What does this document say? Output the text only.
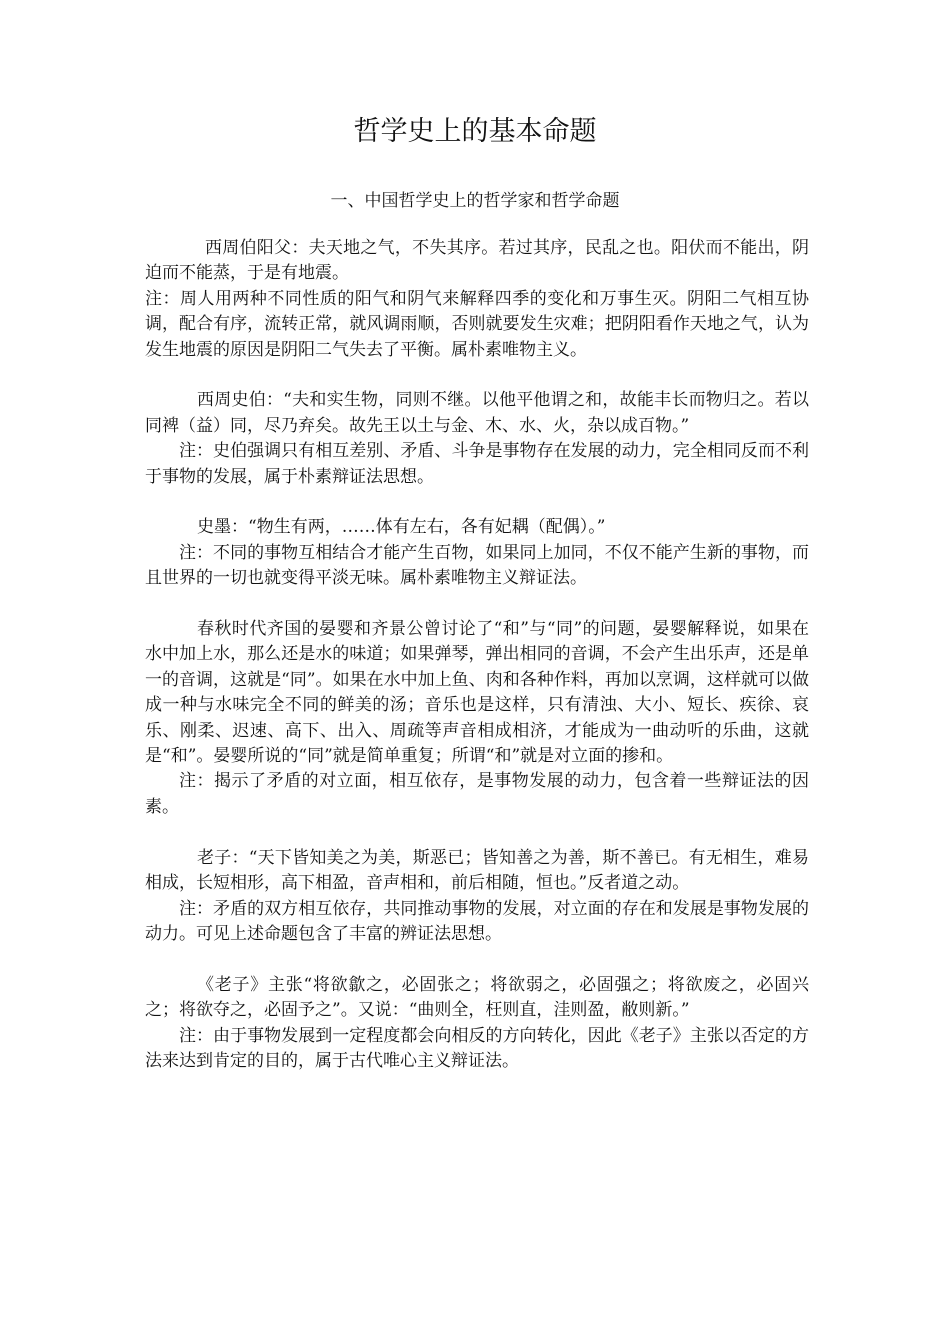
哲学史上的基本命题
一、中国哲学史上的哲学家和哲学命题

西周伯阳父：夫天地之气，不失其序。若过其序，民乱之也。阳伏而不能出，阴迫而不能蒸，于是有地震。

注：周人用两种不同性质的阳气和阴气来解释四季的变化和万事生灭。阴阳二气相互协调，配合有序，流转正常，就风调雨顺，否则就要发生灾难；把阴阳看作天地之气，认为发生地震的原因是阴阳二气失去了平衡。属朴素唯物主义。

西周史伯：“夫和实生物，同则不继。以他平他谓之和，故能丰长而物归之。若以同裨（益）同，尽乃弃矣。故先王以土与金、木、水、火，杂以成百物。”

注：史伯强调只有相互差别、矛盾、斗争是事物存在发展的动力，完全相同反而不利于事物的发展，属于朴素辩证法思想。

史墨：“物生有两，……体有左右，各有妃耦（配偶）。”

注：不同的事物互相结合才能产生百物，如果同上加同，不仅不能产生新的事物，而且世界的一切也就变得平淡无味。属朴素唯物主义辩证法。

春秋时代齐国的晏婴和齐景公曾讨论了“和”与“同”的问题，晏婴解释说，如果在水中加上水，那么还是水的味道；如果弹琴，弹出相同的音调，不会产生出乐声，还是单一的音调，这就是“同”。如果在水中加上鱼、肉和各种作料，再加以烹调，这样就可以做成一种与水味完全不同的鲜美的汤；音乐也是这样，只有清浊、大小、短长、疾徐、哀乐、刚柔、迟速、高下、出入、周疏等声音相成相济，才能成为一曲动听的乐曲，这就是“和”。晏婴所说的“同”就是简单重复；所谓“和”就是对立面的掺和。

注：揭示了矛盾的对立面，相互依存，是事物发展的动力，包含着一些辩证法的因素。

老子：“天下皆知美之为美，斯恶已；皆知善之为善，斯不善已。有无相生，难易相成，长短相形，高下相盈，音声相和，前后相随，恒也。”反者道之动。

注：矛盾的双方相互依存，共同推动事物的发展，对立面的存在和发展是事物发展的动力。可见上述命题包含了丰富的辨证法思想。

《老子》主张“将欲歙之，必固张之；将欲弱之，必固强之；将欲废之，必固兴之；将欲夺之，必固予之”。又说：“曲则全，枉则直，洼则盈，敝则新。”

注：由于事物发展到一定程度都会向相反的方向转化，因此《老子》主张以否定的方法来达到肯定的目的，属于古代唯心主义辩证法。
